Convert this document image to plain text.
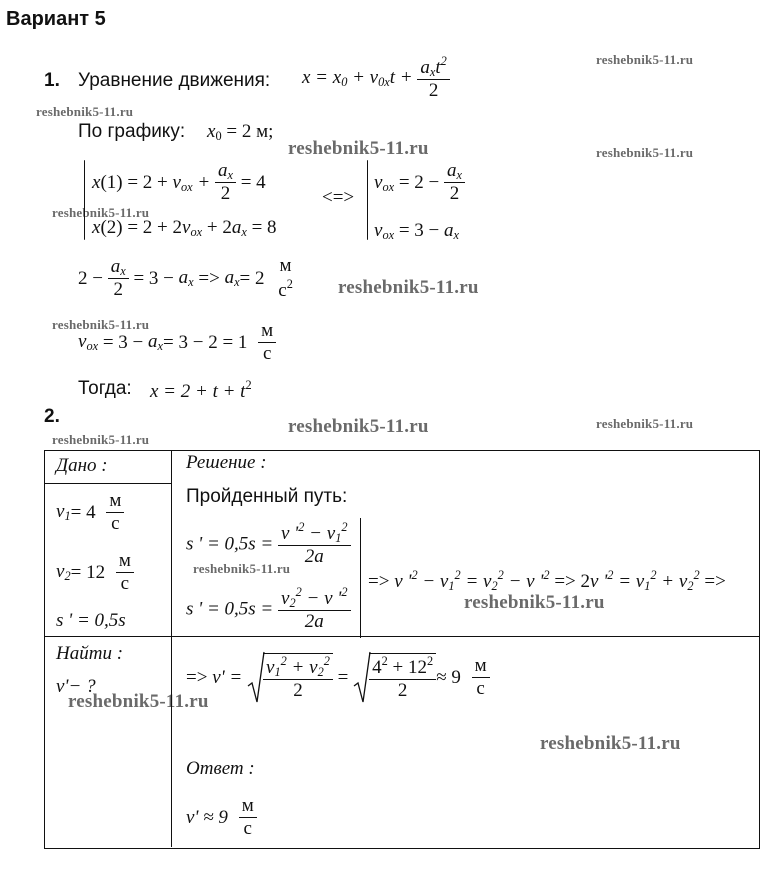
Вариант 5
reshebnik5-11.ru
reshebnik5-11.ru
reshebnik5-11.ru	reshebnik5-11.ru
reshebnik5-11.ru
reshebnik5-11.ru
reshebnik5-11.ru
reshebnik5-11.ru	reshebnik5-11.ru
reshebnik5-11.ru
reshebnik5-11.ru
reshebnik5-11.ru
reshebnik5-11.ru
reshebnik5-11.ru
1. Уравнение движения: $x = x_0 + v_{0x}t + \frac{a_xt^2}{2}$
По графику: $x_0 = 2$ м;
$x(1) = 2 + v_{ox} + \frac{a_x}{2} = 4$
$x(2) = 2 + 2v_{ox} + 2a_x = 8$
<=>
$v_{ox} = 2 - \frac{a_x}{2}$
$v_{ox} = 3 - a_x$
$2 - \frac{a_x}{2} = 3 - a_x => a_x= 2$
м
$с^2$
$v_{ox} = 3 - a_x= 3 - 2 = 1 \frac{м}{с}$
Тогда: $x = 2 + t + t^2$
2.
Дано :
$v_1= 4 \frac{м}{с}$
$v_2= 12 \frac{м}{с}$
s ' = 0,5s
Найти :
v'− ?
Решение :
Пройденный путь:
s ' = $0,5s = \frac{v '^2 - v_1^2}{2a}$
s ' = $0,5s = \frac{v_2^2 - v '^2}{2a}$
=> v '$^2 - v_1^2 = v_2^2 - v$ '$^2 => 2v$ '$^2 = v_1^2 + v_2^2$ =>
=> $v' = \frac{v_1^2 + v_2^2}{2} = \frac{4^2 + 12^2}{2} \approx 9 \frac{м}{с}$
Ответ :
$v' \approx 9 \frac{м}{с}$
